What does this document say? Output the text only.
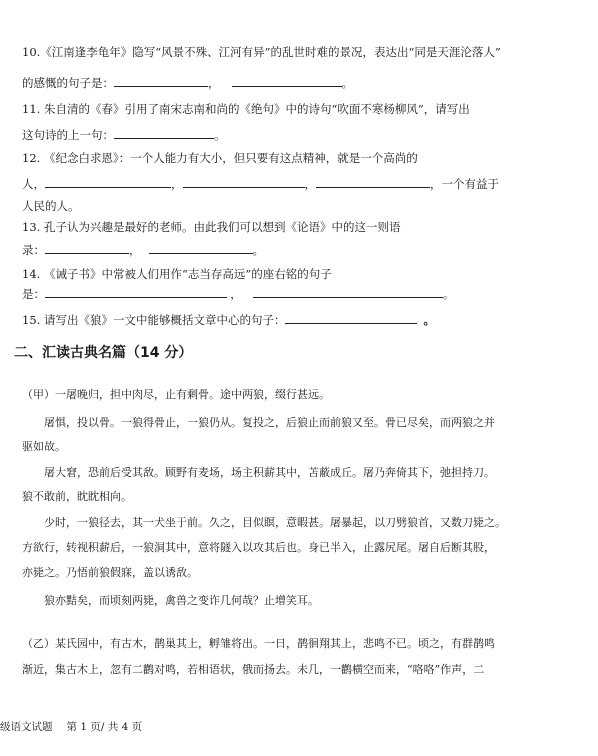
10.《江南逢李龟年》隐写“风景不殊、江河有异”的乱世时难的景况，表达出“同是天涯沦落人”
的感慨的句子是：	，	。
11. 朱自清的《春》引用了南宋志南和尚的《绝句》中的诗句“吹面不寒杨柳风”，请写出
这句诗的上一句：	。
12. 《纪念白求恩》：一个人能力有大小，但只要有这点精神，就是一个高尚的
人，	，	，	，一个有益于
人民的人。
13. 孔子认为兴趣是最好的老师。由此我们可以想到《论语》中的这一则语
录：	，	。
14. 《诫子书》中常被人们用作“志当存高远”的座右铭的句子
是：	，	。
15. 请写出《狼》一文中能够概括文章中心的句子：	。
二、汇读古典名篇（14 分）
（甲）一屠晚归，担中肉尽，止有剩骨。途中两狼，缀行甚远。
屠惧，投以骨。一狼得骨止，一狼仍从。复投之，后狼止而前狼又至。骨已尽矣，而两狼之并
驱如故。
屠大窘，恐前后受其敌。顾野有麦场，场主积薪其中，苫蔽成丘。屠乃奔倚其下，弛担持刀。
狼不敢前，眈眈相向。
少时，一狼径去，其一犬坐于前。久之，目似瞑，意暇甚。屠暴起，以刀劈狼首，又数刀毙之。
方欲行，转视积薪后，一狼洞其中，意将隧入以攻其后也。身已半入，止露尻尾。屠自后断其股，
亦毙之。乃悟前狼假寐，盖以诱敌。
狼亦黠矣，而顷刻两毙，禽兽之变诈几何哉？止增笑耳。
（乙）某氏园中，有古木，鹊巢其上，孵雏将出。一日，鹊徊翔其上，悲鸣不已。顷之，有群鹊鸣
渐近，集古木上，忽有二鹳对鸣，若相语状，俄而扬去。未几，一鹳横空而来，“咯咯”作声，二
级语文试题 第 1 页/ 共 4 页
